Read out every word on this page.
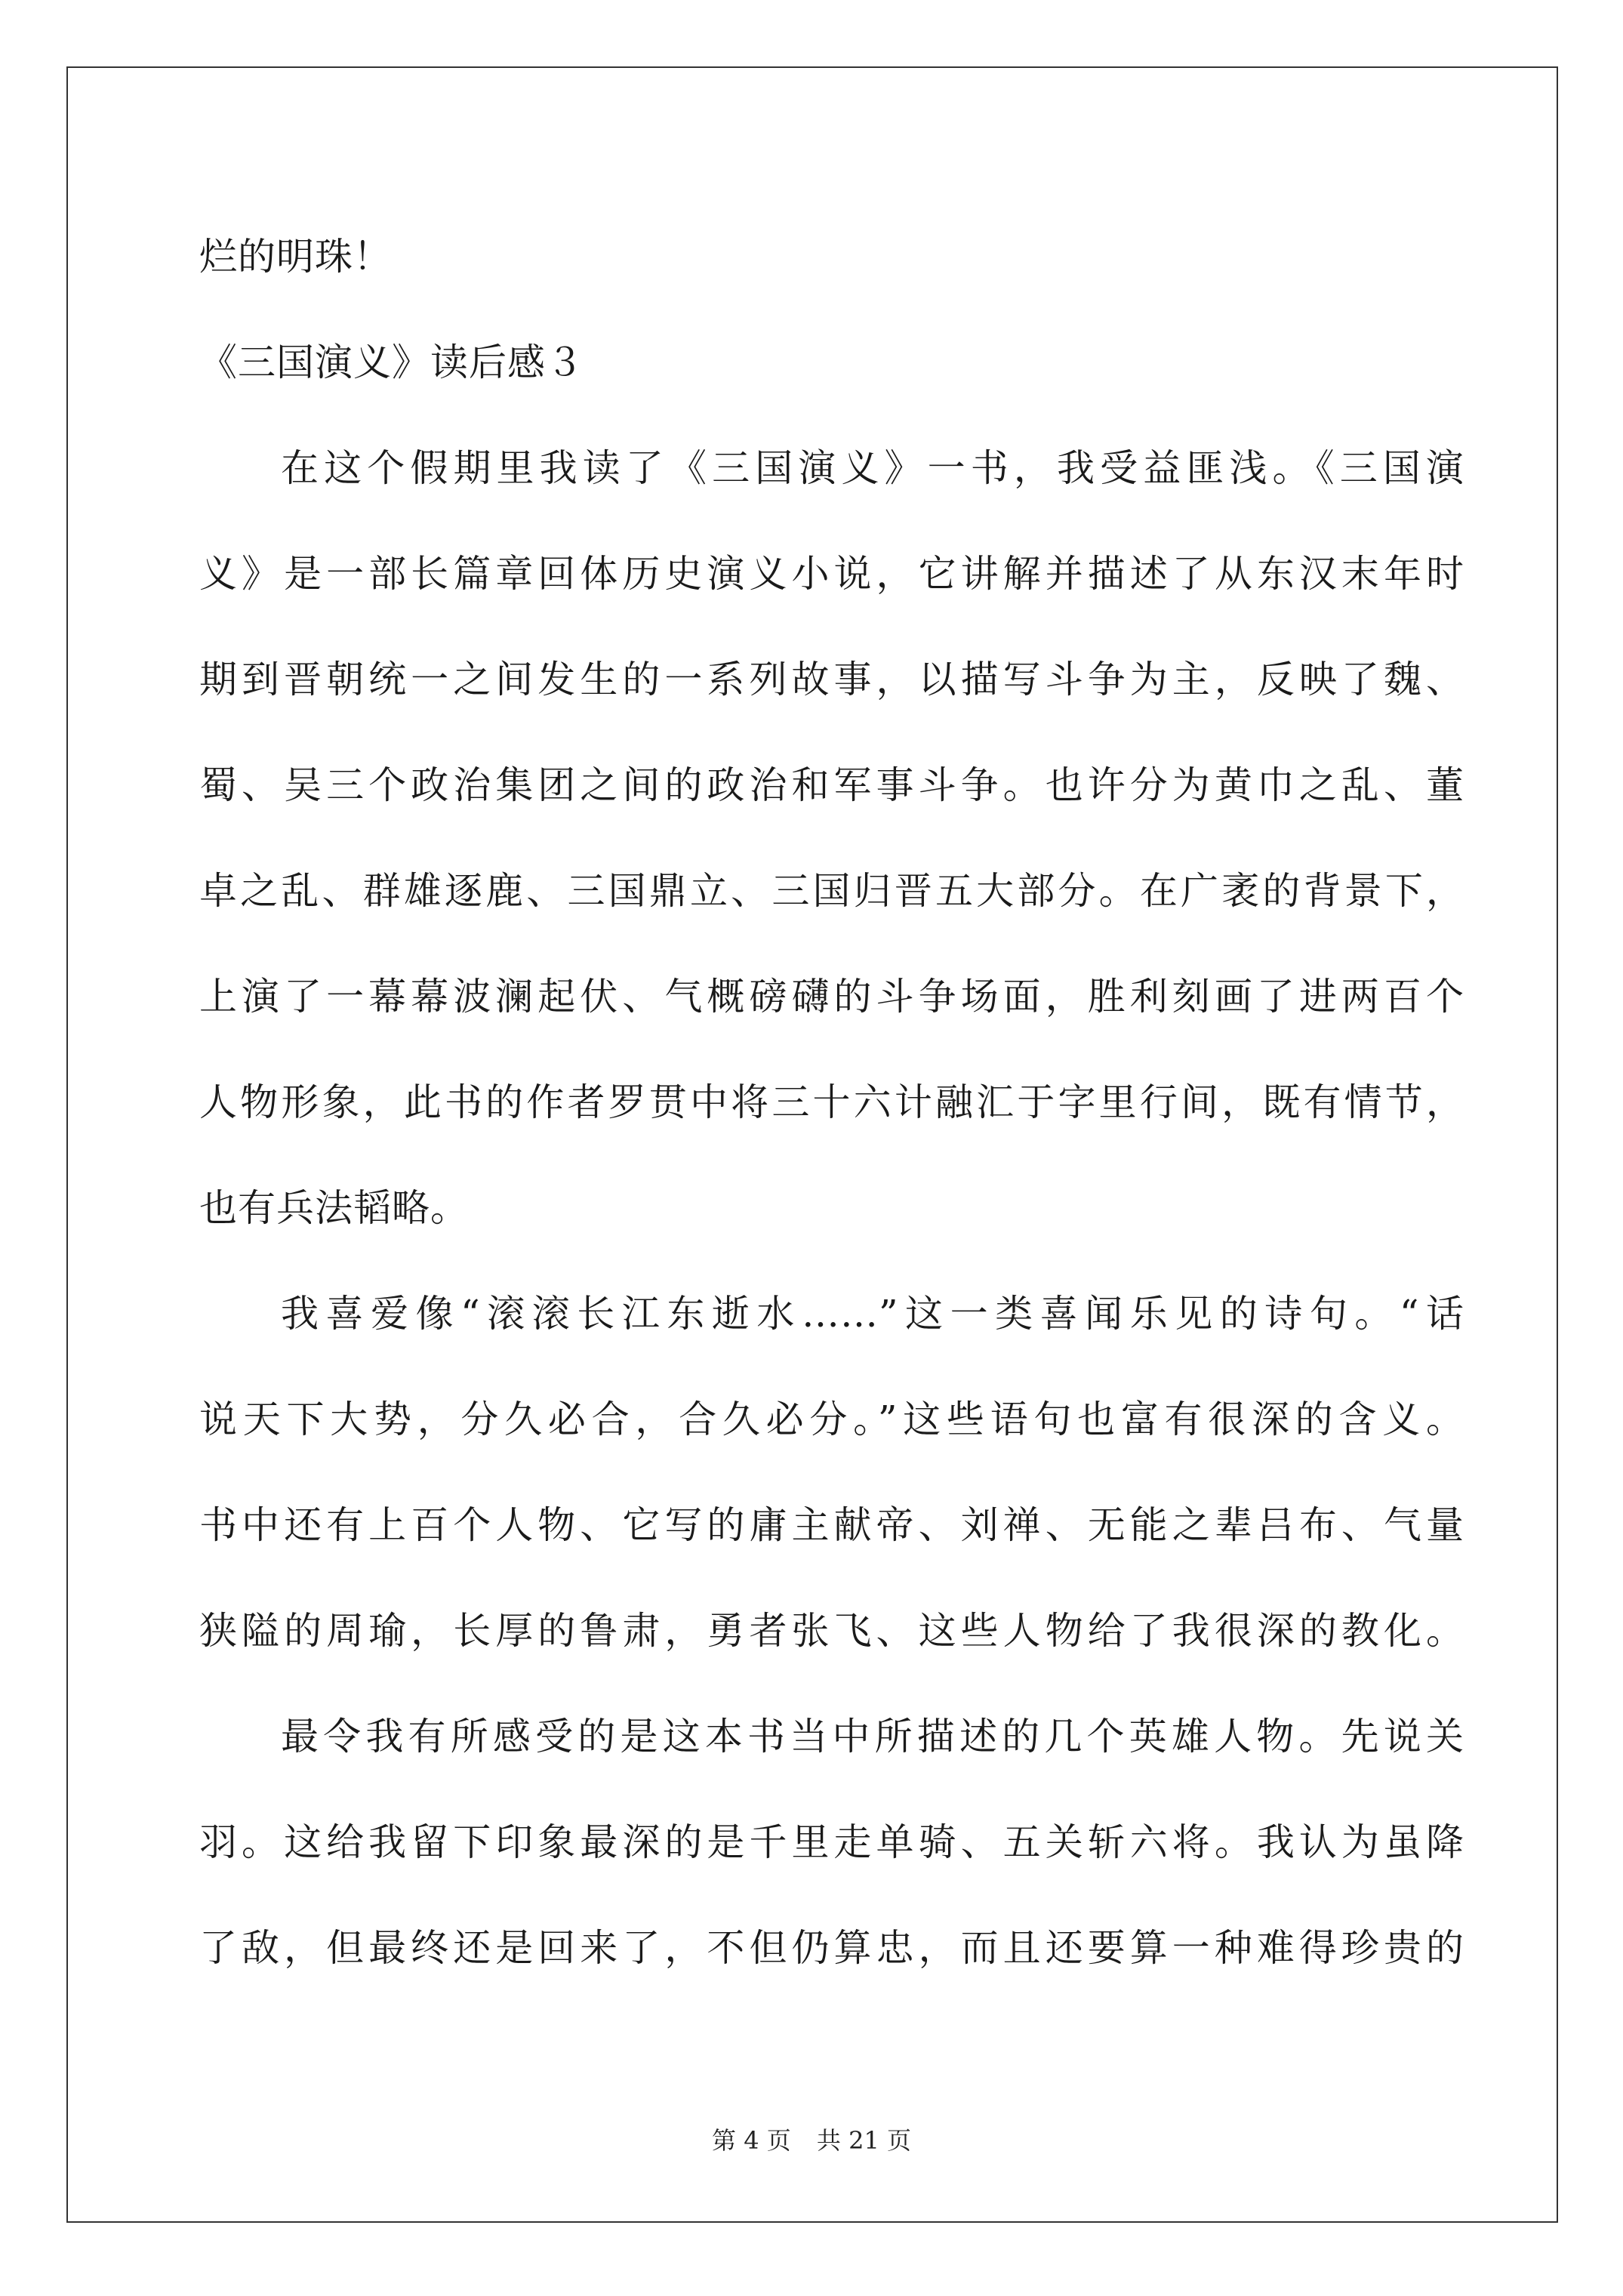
烂的明珠！
《三国演义》读后感３
在这个假期里我读了《三国演义》一书，我受益匪浅。《三国演
义》是一部长篇章回体历史演义小说，它讲解并描述了从东汉末年时
期到晋朝统一之间发生的一系列故事，以描写斗争为主，反映了魏、
蜀、吴三个政治集团之间的政治和军事斗争。也许分为黄巾之乱、董
卓之乱、群雄逐鹿、三国鼎立、三国归晋五大部分。在广袤的背景下，
上演了一幕幕波澜起伏、气概磅礴的斗争场面，胜利刻画了进两百个
人物形象，此书的作者罗贯中将三十六计融汇于字里行间，既有情节，
也有兵法韬略。
我喜爱像“滚滚长江东逝水……”这一类喜闻乐见的诗句。“话
说天下大势，分久必合，合久必分。”这些语句也富有很深的含义。
书中还有上百个人物、它写的庸主献帝、刘禅、无能之辈吕布、气量
狭隘的周瑜，长厚的鲁肃，勇者张飞、这些人物给了我很深的教化。
最令我有所感受的是这本书当中所描述的几个英雄人物。先说关
羽。这给我留下印象最深的是千里走单骑、五关斩六将。我认为虽降
了敌，但最终还是回来了，不但仍算忠，而且还要算一种难得珍贵的
第 4 页 共 21 页
